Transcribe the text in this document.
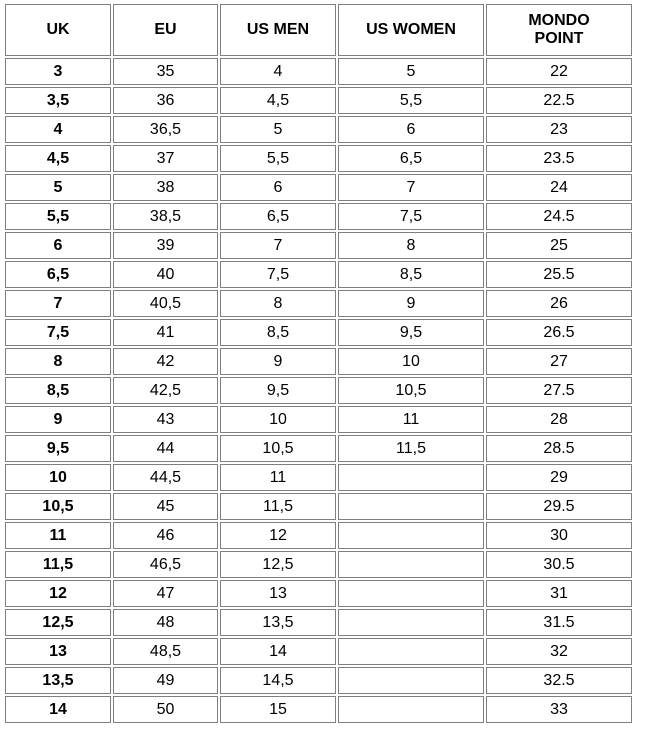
UK	EU	US MEN	US WOMEN	MONDO
POINT
3	35	4	5	22
3,5	36	4,5	5,5	22.5
4	36,5	5	6	23
4,5	37	5,5	6,5	23.5
5	38	6	7	24
5,5	38,5	6,5	7,5	24.5
6	39	7	8	25
6,5	40	7,5	8,5	25.5
7	40,5	8	9	26
7,5	41	8,5	9,5	26.5
8	42	9	10	27
8,5	42,5	9,5	10,5	27.5
9	43	10	11	28
9,5	44	10,5	11,5	28.5
10	44,5	11		29
10,5	45	11,5		29.5
11	46	12		30
11,5	46,5	12,5		30.5
12	47	13		31
12,5	48	13,5		31.5
13	48,5	14		32
13,5	49	14,5		32.5
14	50	15		33
